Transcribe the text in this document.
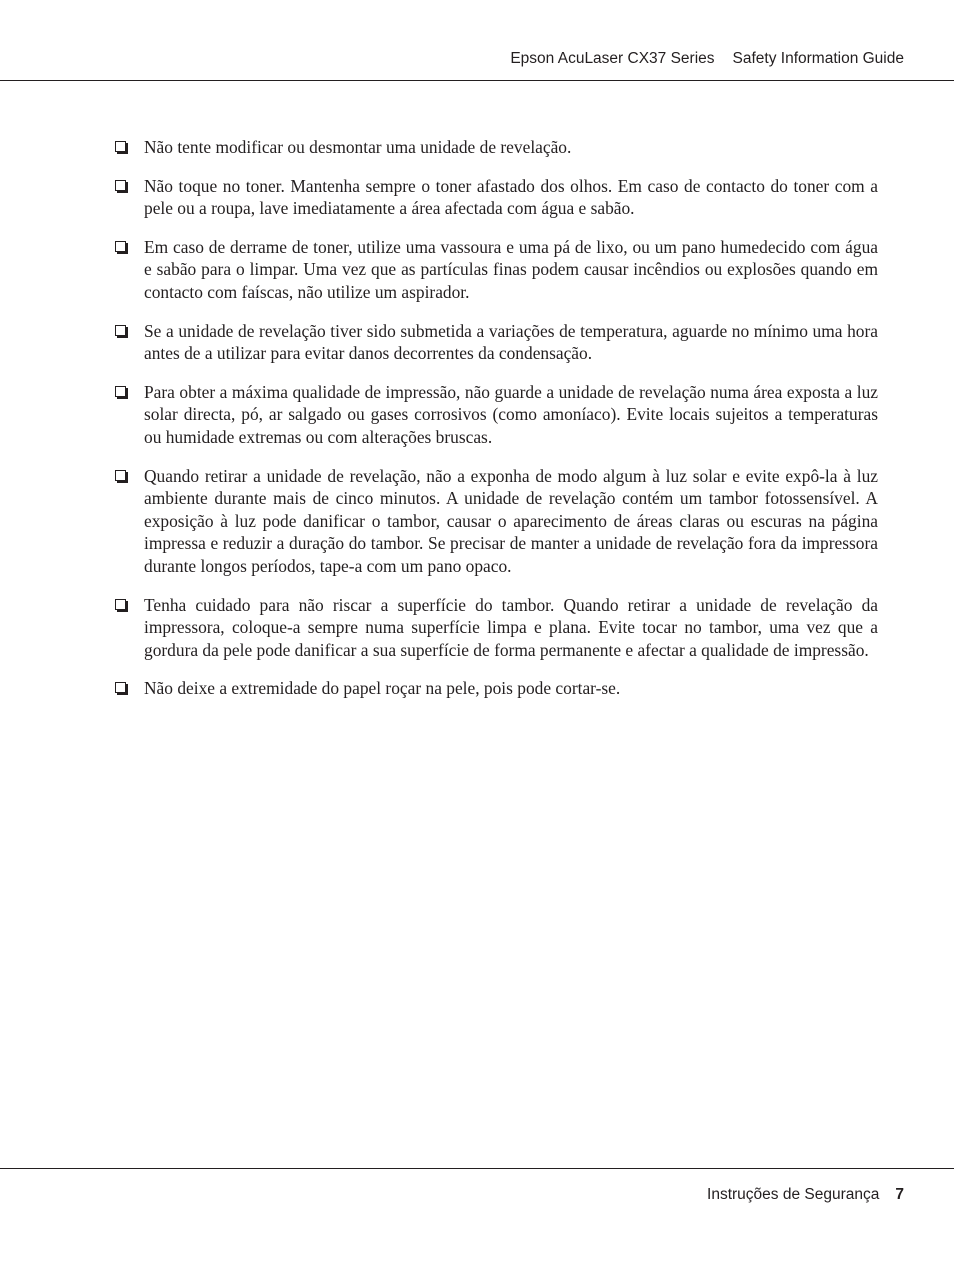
Epson AcuLaser CX37 Series Safety Information Guide
Não tente modificar ou desmontar uma unidade de revelação.
Não toque no toner. Mantenha sempre o toner afastado dos olhos. Em caso de contacto do toner com a pele ou a roupa, lave imediatamente a área afectada com água e sabão.
Em caso de derrame de toner, utilize uma vassoura e uma pá de lixo, ou um pano humedecido com água e sabão para o limpar. Uma vez que as partículas finas podem causar incêndios ou explosões quando em contacto com faíscas, não utilize um aspirador.
Se a unidade de revelação tiver sido submetida a variações de temperatura, aguarde no mínimo uma hora antes de a utilizar para evitar danos decorrentes da condensação.
Para obter a máxima qualidade de impressão, não guarde a unidade de revelação numa área exposta a luz solar directa, pó, ar salgado ou gases corrosivos (como amoníaco). Evite locais sujeitos a temperaturas ou humidade extremas ou com alterações bruscas.
Quando retirar a unidade de revelação, não a exponha de modo algum à luz solar e evite expô-la à luz ambiente durante mais de cinco minutos. A unidade de revelação contém um tambor fotossensível. A exposição à luz pode danificar o tambor, causar o aparecimento de áreas claras ou escuras na página impressa e reduzir a duração do tambor. Se precisar de manter a unidade de revelação fora da impressora durante longos períodos, tape-a com um pano opaco.
Tenha cuidado para não riscar a superfície do tambor. Quando retirar a unidade de revelação da impressora, coloque-a sempre numa superfície limpa e plana. Evite tocar no tambor, uma vez que a gordura da pele pode danificar a sua superfície de forma permanente e afectar a qualidade de impressão.
Não deixe a extremidade do papel roçar na pele, pois pode cortar-se.
Instruções de Segurança 7
